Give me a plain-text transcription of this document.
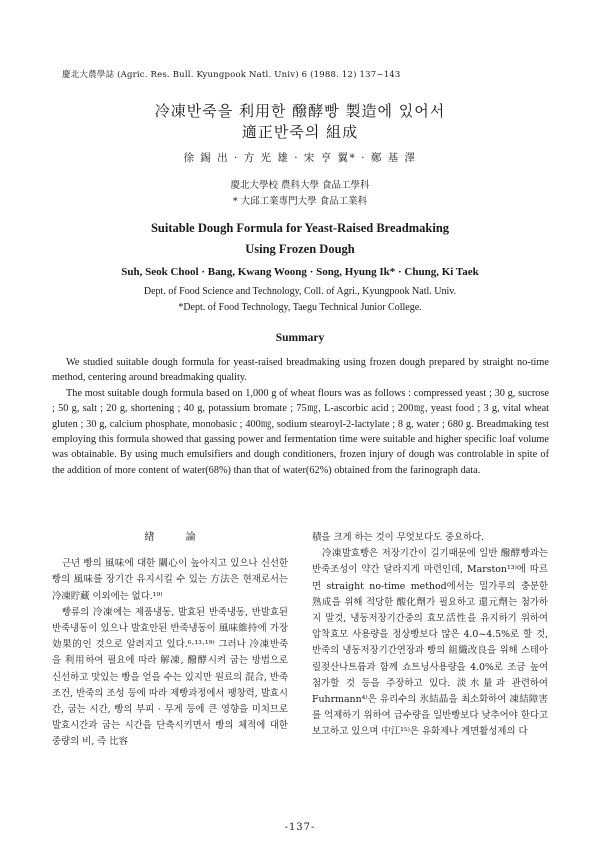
慶北大農學誌 (Agric. Res. Bull. Kyungpook Natl. Univ) 6 (1988. 12) 137~143
冷凍반죽을 利用한 醱酵빵 製造에 있어서
適正반죽의 組成
徐 錫 出 · 方 光 雄 · 宋 亨 翼* · 鄭 基 澤
慶北大學校 農科大學 食品工學科
* 大邱工業專門大學 食品工業科
Suitable Dough Formula for Yeast-Raised Breadmaking
Using Frozen Dough
Suh, Seok Chool · Bang, Kwang Woong · Song, Hyung Ik* · Chung, Ki Taek
Dept. of Food Science and Technology, Coll. of Agri., Kyungpook Natl. Univ.
*Dept. of Food Technology, Taegu Technical Junior College.
Summary

We studied suitable dough formula for yeast-raised breadmaking using frozen dough prepared by straight no-time method, centering around breadmaking quality.

The most suitable dough formula based on 1,000 g of wheat flours was as follows : compressed yeast ; 30 g, sucrose ; 50 g, salt ; 20 g, shortening ; 40 g, potassium bromate ; 75㎎, L-ascorbic acid ; 200㎎, yeast food ; 3 g, vital wheat gluten ; 30 g, calcium phosphate, monobasic ; 400㎎, sodium stearoyl-2-lactylate ; 8 g, water ; 680 g. Breadmaking test employing this formula showed that gassing power and fermentation time were suitable and higher specific loaf volume was obtainable. By using much emulsifiers and dough conditioners, frozen injury of dough was controlable in spite of the addition of more content of water(68%) than that of water(62%) obtained from the farinograph data.

緖 論

근년 빵의 風味에 대한 關心이 높아지고 있으나 신선한 빵의 風味를 장기간 유지시킬 수 있는 方法은 현재로서는 冷凍貯藏 이외에는 없다.¹⁹⁾

빵류의 冷凍에는 제품냉동, 발효된 반죽냉동, 반발효된 반죽냉동이 있으나 발효안된 반죽냉동이 風味維持에 가장 効果的인 것으로 알려지고 있다.⁶·¹³·¹⁹⁾ 그러나 冷凍반죽을 利用하여 필요에 따라 解凍, 醱酵시켜 굽는 방법으로 신선하고 맛있는 빵을 얻을 수는 있지만 원료의 混合, 반죽조건, 반죽의 조성 등에 따라 제빵과정에서 팽창력, 발효시간, 굽는 시간, 빵의 부피 · 무게 등에 큰 영향을 미치므로 발효시간과 굽는 시간을 단축시키면서 빵의 체적에 대한 중량의 비, 즉 比容

積을 크게 하는 것이 무엇보다도 중요하다.

冷凍발효빵은 저장기간이 길기때문에 일반 醱酵빵과는 반죽조성이 약간 달라지게 마련인데, Marston¹³⁾에 따르면 straight no-time method에서는 밀가루의 충분한 熟成을 위해 적당한 酸化劑가 필요하고 還元劑는 첨가하지 말것, 냉동저장기간중의 효모活性을 유지하기 위하여 압착효모 사용량을 정상빵보다 많은 4.0~4.5%로 할 것, 반죽의 냉동저장기간연장과 빵의 組織改良을 위해 스테아릴젖산나트륨과 함께 쇼트닝사용량을 4.0%로 조금 높여 첨가할 것 등을 주장하고 있다. 淡水量과 관련하여 Fuhrmann⁴⁾은 유리수의 氷結晶을 최소화하여 凍結障害를 억제하기 위하여 급수량을 일반빵보다 낮추어야 한다고 보고하고 있으며 中江¹⁵⁾은 유화제나 계면활성제의 다

-137-
